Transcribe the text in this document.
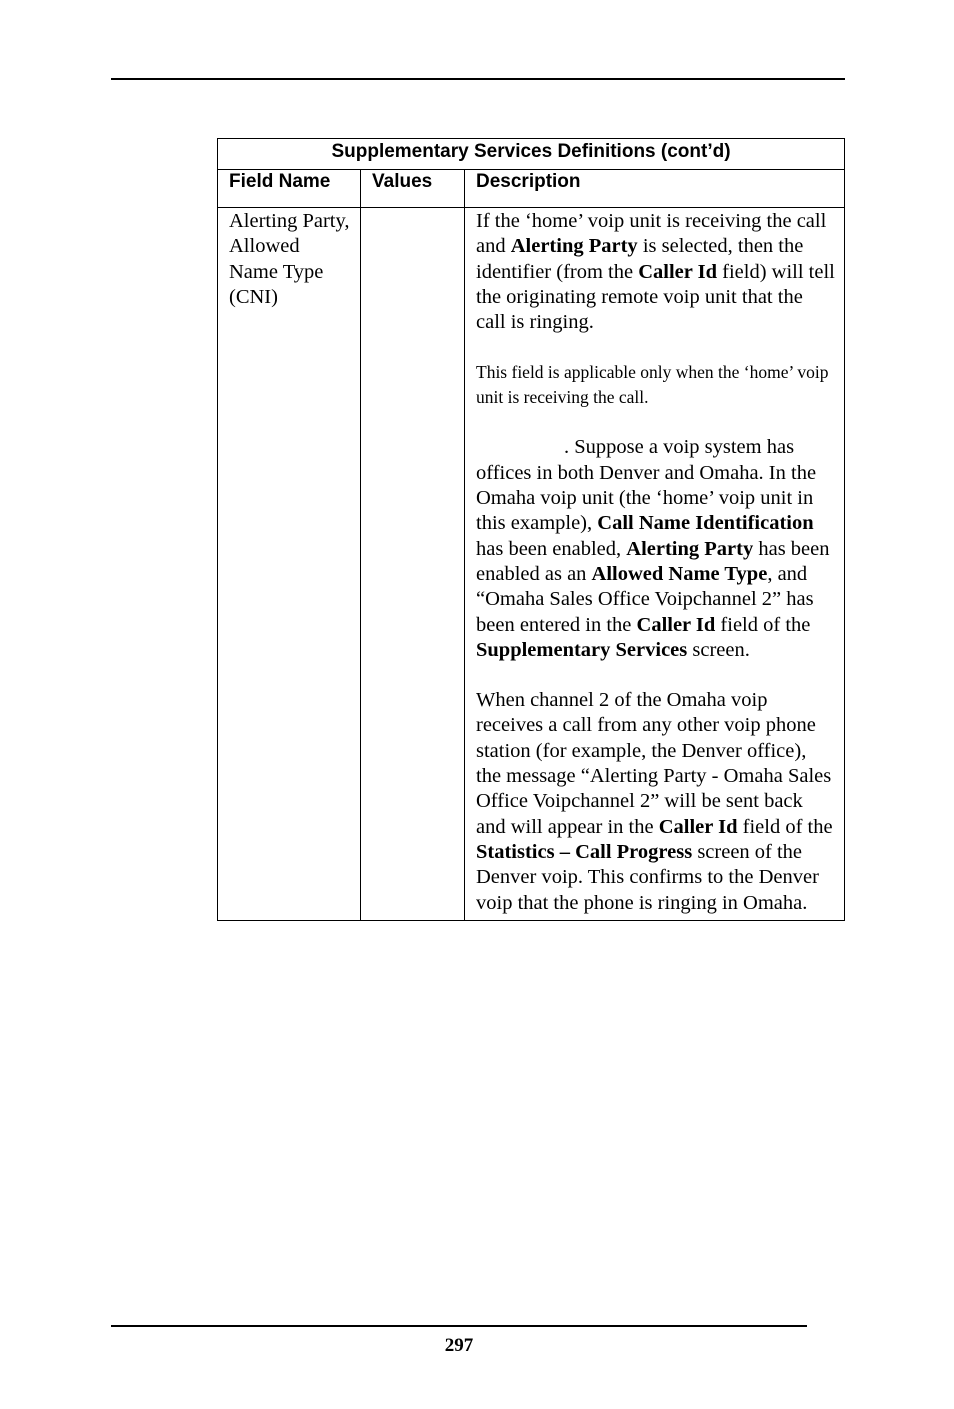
Supplementary Services Definitions (cont’d)		
Field Name	Values	Description
Alerting Party, Allowed Name Type (CNI)		If the ‘home’ voip unit is receiving the call and Alerting Party is selected, then the identifier (from the Caller Id field) will tell the originating remote voip unit that the call is ringing.

This field is applicable only when the ‘home’ voip unit is receiving the call.

. Suppose a voip system has offices in both Denver and Omaha. In the Omaha voip unit (the ‘home’ voip unit in this example), Call Name Identification has been enabled, Alerting Party has been enabled as an Allowed Name Type, and “Omaha Sales Office Voipchannel 2” has been entered in the Caller Id field of the Supplementary Services screen.

When channel 2 of the Omaha voip receives a call from any other voip phone station (for example, the Denver office), the message “Alerting Party - Omaha Sales Office Voipchannel 2” will be sent back and will appear in the Caller Id field of the Statistics – Call Progress screen of the Denver voip. This confirms to the Denver voip that the phone is ringing in Omaha.

297
